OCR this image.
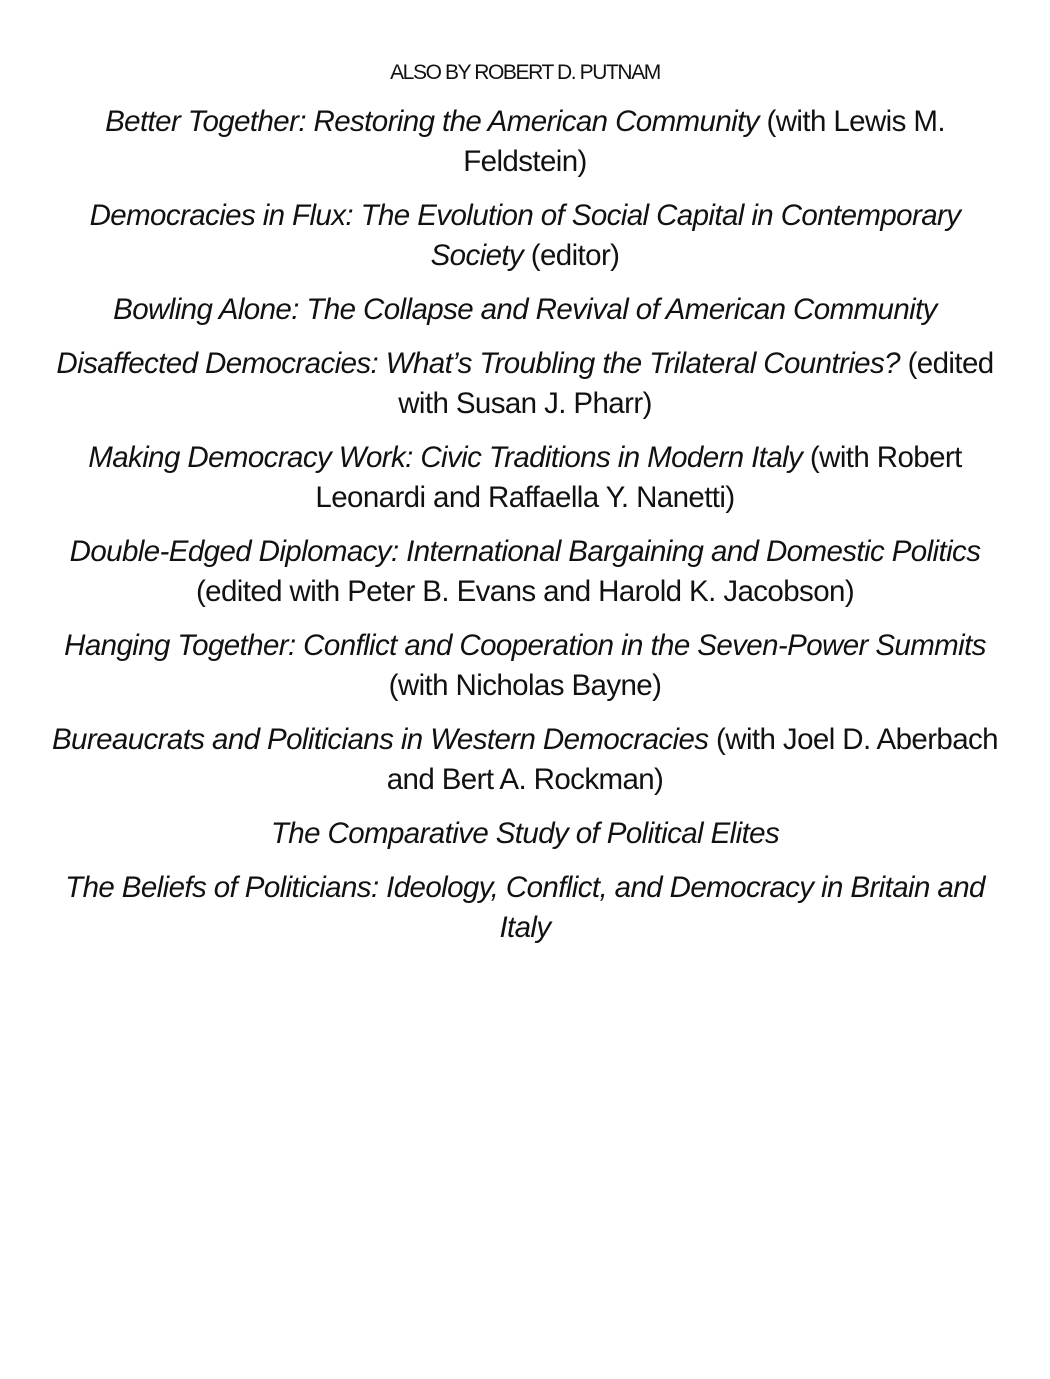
ALSO BY ROBERT D. PUTNAM
Better Together: Restoring the American Community (with Lewis M. Feldstein)
Democracies in Flux: The Evolution of Social Capital in Contemporary Society (editor)
Bowling Alone: The Collapse and Revival of American Community
Disaffected Democracies: What’s Troubling the Trilateral Countries? (edited with Susan J. Pharr)
Making Democracy Work: Civic Traditions in Modern Italy (with Robert Leonardi and Raffaella Y. Nanetti)
Double-Edged Diplomacy: International Bargaining and Domestic Politics (edited with Peter B. Evans and Harold K. Jacobson)
Hanging Together: Conflict and Cooperation in the Seven-Power Summits (with Nicholas Bayne)
Bureaucrats and Politicians in Western Democracies (with Joel D. Aberbach and Bert A. Rockman)
The Comparative Study of Political Elites
The Beliefs of Politicians: Ideology, Conflict, and Democracy in Britain and Italy
